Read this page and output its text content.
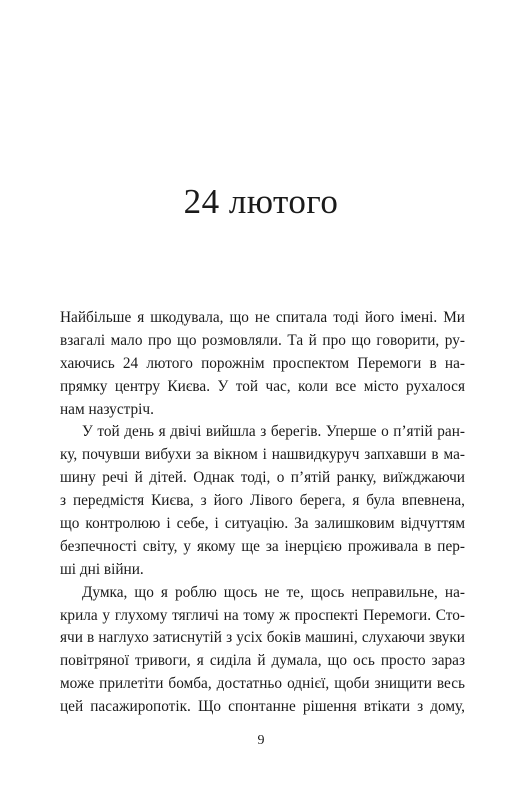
24 лютого
Найбільше я шкодувала, що не спитала тоді його імені. Ми
взагалі мало про що розмовляли. Та й про що говорити, ру-
хаючись 24 лютого порожнім проспектом Перемоги в на-
прямку центру Києва. У той час, коли все місто рухалося
нам назустріч.
У той день я двічі вийшла з берегів. Уперше о п’ятій ран-
ку, почувши вибухи за вікном і нашвидкуруч запхавши в ма-
шину речі й дітей. Однак тоді, о п’ятій ранку, виїжджаючи
з передмістя Києва, з його Лівого берега, я була впевнена,
що контролюю і себе, і ситуацію. За залишковим відчуттям
безпечності світу, у якому ще за інерцією проживала в пер-
ші дні війни.
Думка, що я роблю щось не те, щось неправильне, на-
крила у глухому тягличі на тому ж проспекті Перемоги. Сто-
ячи в наглухо затиснутій з усіх боків машині, слухаючи звуки
повітряної тривоги, я сиділа й думала, що ось просто зараз
може прилетіти бомба, достатньо однієї, щоби знищити весь
цей пасажиропотік. Що спонтанне рішення втікати з дому,
9
